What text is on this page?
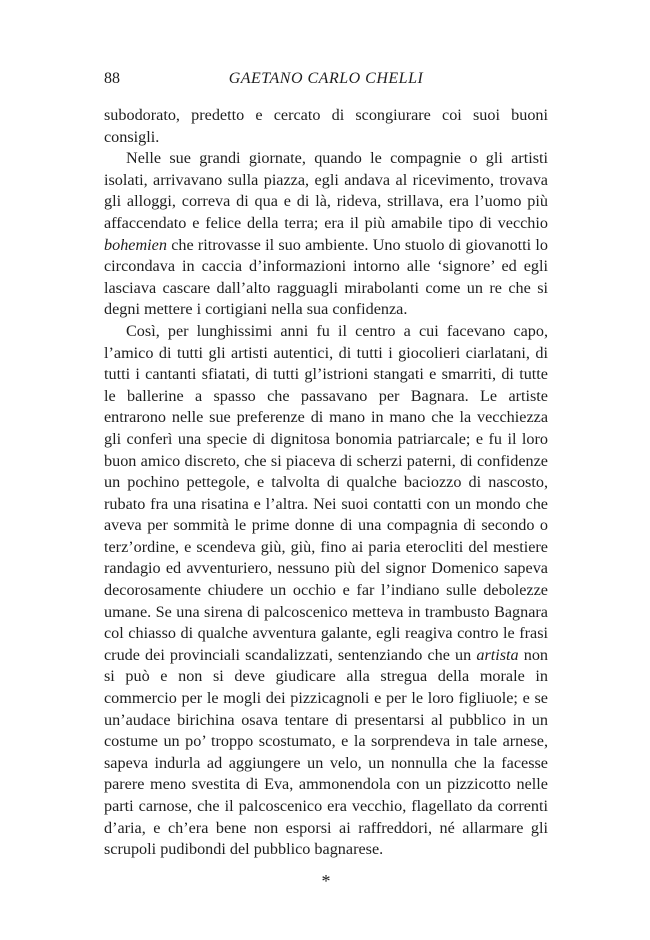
88	GAETANO CARLO CHELLI

subodorato, predetto e cercato di scongiurare coi suoi buoni consigli.

Nelle sue grandi giornate, quando le compagnie o gli artisti isolati, arrivavano sulla piazza, egli andava al ricevimento, trovava gli alloggi, correva di qua e di là, rideva, strillava, era l’uomo più affaccendato e felice della terra; era il più amabile tipo di vecchio bohemien che ritrovasse il suo ambiente. Uno stuolo di giovanotti lo circondava in caccia d’informazioni intorno alle ‘signore’ ed egli lasciava cascare dall’alto ragguagli mirabolanti come un re che si degni mettere i cortigiani nella sua confidenza.

Così, per lunghissimi anni fu il centro a cui facevano capo, l’amico di tutti gli artisti autentici, di tutti i giocolieri ciarlatani, di tutti i cantanti sfiatati, di tutti gl’istrioni stangati e smarriti, di tutte le ballerine a spasso che passavano per Bagnara. Le artiste entrarono nelle sue preferenze di mano in mano che la vecchiezza gli conferì una specie di dignitosa bonomia patriarcale; e fu il loro buon amico discreto, che si piaceva di scherzi paterni, di confidenze un pochino pettegole, e talvolta di qualche baciozzo di nascosto, rubato fra una risatina e l’altra. Nei suoi contatti con un mondo che aveva per sommità le prime donne di una compagnia di secondo o terz’ordine, e scendeva giù, giù, fino ai paria eterocliti del mestiere randagio ed avventuriero, nessuno più del signor Domenico sapeva decorosamente chiudere un occhio e far l’indiano sulle debolezze umane. Se una sirena di palcoscenico metteva in trambusto Bagnara col chiasso di qualche avventura galante, egli reagiva contro le frasi crude dei provinciali scandalizzati, sentenziando che un artista non si può e non si deve giudicare alla stregua della morale in commercio per le mogli dei pizzicagnoli e per le loro figliuole; e se un’audace birichina osava tentare di presentarsi al pubblico in un costume un po’ troppo scostumato, e la sorprendeva in tale arnese, sapeva indurla ad aggiungere un velo, un nonnulla che la facesse parere meno svestita di Eva, ammonendola con un pizzicotto nelle parti carnose, che il palcoscenico era vecchio, flagellato da correnti d’aria, e ch’era bene non esporsi ai raffreddori, né allarmare gli scrupoli pudibondi del pubblico bagnarese.

*
